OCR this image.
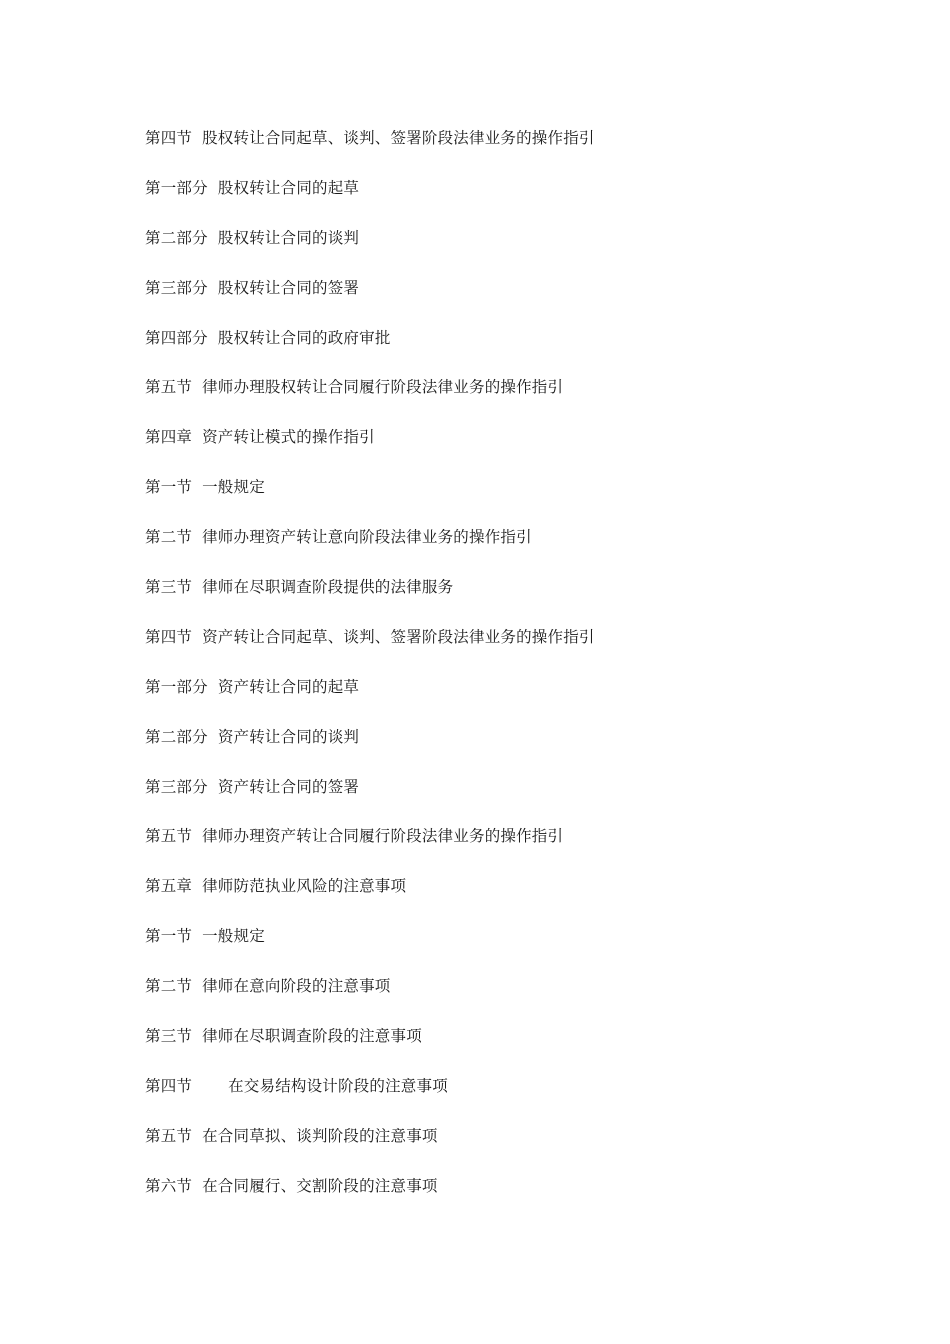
第四节 股权转让合同起草、谈判、签署阶段法律业务的操作指引
第一部分 股权转让合同的起草
第二部分 股权转让合同的谈判
第三部分 股权转让合同的签署
第四部分 股权转让合同的政府审批
第五节 律师办理股权转让合同履行阶段法律业务的操作指引
第四章 资产转让模式的操作指引
第一节 一般规定
第二节 律师办理资产转让意向阶段法律业务的操作指引
第三节 律师在尽职调查阶段提供的法律服务
第四节 资产转让合同起草、谈判、签署阶段法律业务的操作指引
第一部分 资产转让合同的起草
第二部分 资产转让合同的谈判
第三部分 资产转让合同的签署
第五节 律师办理资产转让合同履行阶段法律业务的操作指引
第五章 律师防范执业风险的注意事项
第一节 一般规定
第二节 律师在意向阶段的注意事项
第三节 律师在尽职调查阶段的注意事项
第四节 在交易结构设计阶段的注意事项
第五节 在合同草拟、谈判阶段的注意事项
第六节 在合同履行、交割阶段的注意事项
